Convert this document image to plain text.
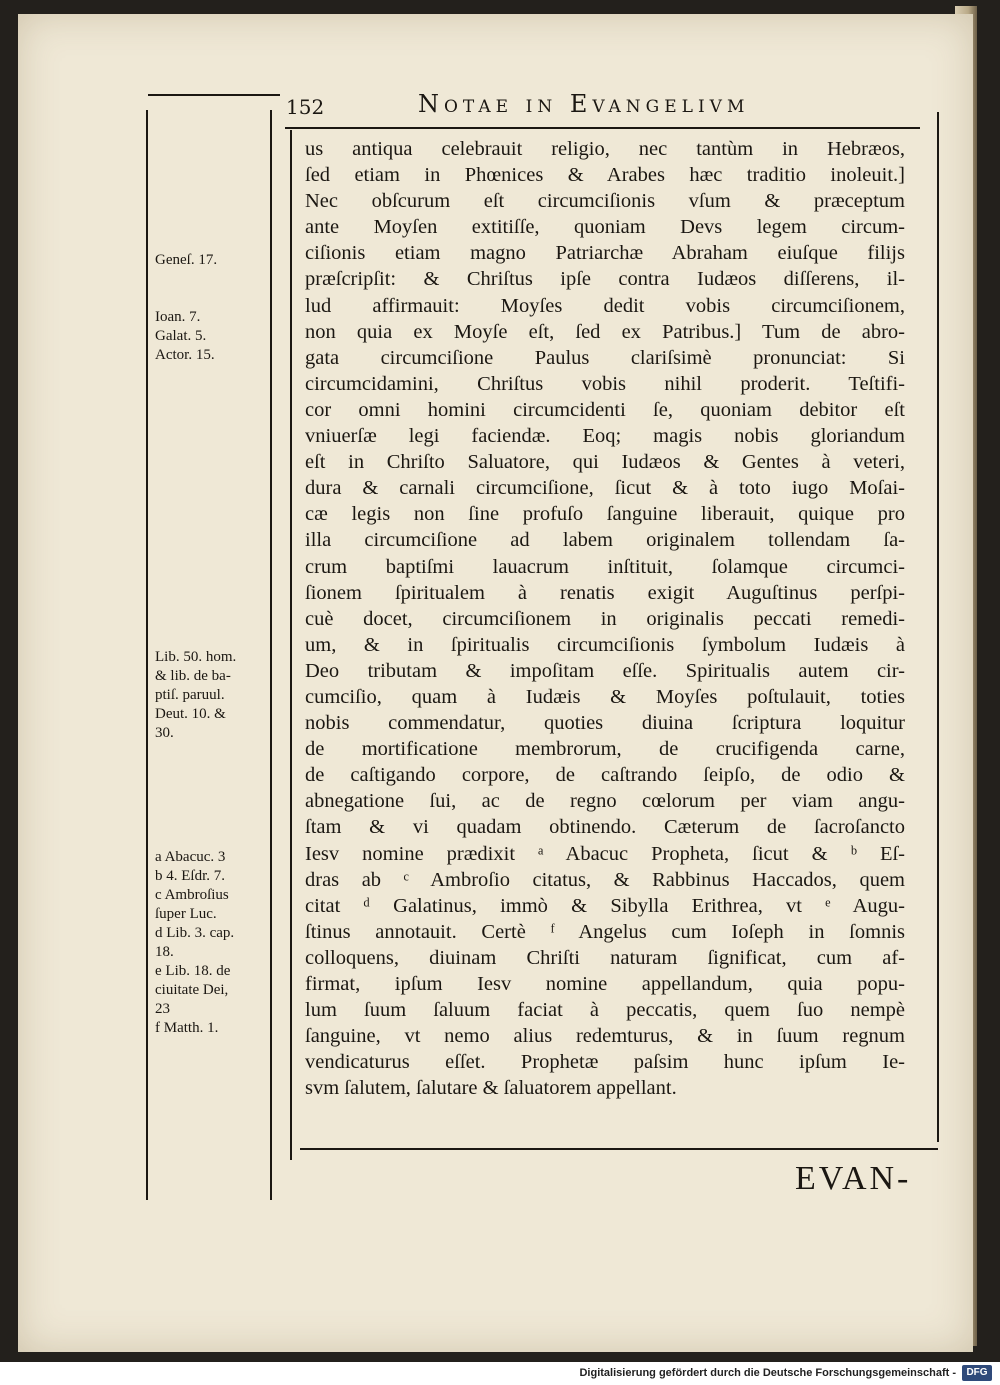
152	Notae in Evangelivm
Geneſ. 17.
Ioan. 7.
Galat. 5.
Actor. 15.
Lib. 50. hom.
& lib. de ba-
ptiſ. paruul.
Deut. 10. &
30.
a Abacuc. 3
b 4. Eſdr. 7.
c Ambroſius
ſuper Luc.
d Lib. 3. cap.
18.
e Lib. 18. de
ciuitate Dei,
23
f Matth. 1.
us antiqua celebrauit religio, nec tantùm in Hebræos,
ſed etiam in Phœnices & Arabes hæc traditio inoleuit.]
Nec obſcurum eſt circumciſionis vſum & præceptum
ante Moyſen extitiſſe, quoniam Devs legem circum-
ciſionis etiam magno Patriarchæ Abraham eiuſque filijs
præſcripſit: & Chriſtus ipſe contra Iudæos diſſerens, il-
lud affirmauit: Moyſes dedit vobis circumciſionem,
non quia ex Moyſe eſt, ſed ex Patribus.] Tum de abro-
gata circumciſione Paulus clariſsimè pronunciat: Si
circumcidamini, Chriſtus vobis nihil proderit. Teſtifi-
cor omni homini circumcidenti ſe, quoniam debitor eſt
vniuerſæ legi faciendæ. Eoq; magis nobis gloriandum
eſt in Chriſto Saluatore, qui Iudæos & Gentes à veteri,
dura & carnali circumciſione, ſicut & à toto iugo Moſai-
cæ legis non ſine profuſo ſanguine liberauit, quique pro
illa circumciſione ad labem originalem tollendam ſa-
crum baptiſmi lauacrum inſtituit, ſolamque circumci-
ſionem ſpiritualem à renatis exigit Auguſtinus perſpi-
cuè docet, circumciſionem in originalis peccati remedi-
um, & in ſpiritualis circumciſionis ſymbolum Iudæis à
Deo tributam & impoſitam eſſe. Spiritualis autem cir-
cumciſio, quam à Iudæis & Moyſes poſtulauit, toties
nobis commendatur, quoties diuina ſcriptura loquitur
de mortificatione membrorum, de crucifigenda carne,
de caſtigando corpore, de caſtrando ſeipſo, de odio &
abnegatione ſui, ac de regno cœlorum per viam angu-
ſtam & vi quadam obtinendo. Cæterum de ſacroſancto
Iesv nomine prædixit ᵃ Abacuc Propheta, ſicut & ᵇ Eſ-
dras ab ᶜ Ambroſio citatus, & Rabbinus Haccados, quem
citat ᵈ Galatinus, immò & Sibylla Erithrea, vt ᵉ Augu-
ſtinus annotauit. Certè ᶠ Angelus cum Ioſeph in ſomnis
colloquens, diuinam Chriſti naturam ſignificat, cum af-
firmat, ipſum Iesv nomine appellandum, quia popu-
lum ſuum ſaluum faciat à peccatis, quem ſuo nempè
ſanguine, vt nemo alius redemturus, & in ſuum regnum
vendicaturus eſſet. Prophetæ paſsim hunc ipſum Ie-
svm ſalutem, ſalutare & ſaluatorem appellant.
EVAN-
Digitalisierung gefördert durch die Deutsche Forschungsgemeinschaft -	DFG
